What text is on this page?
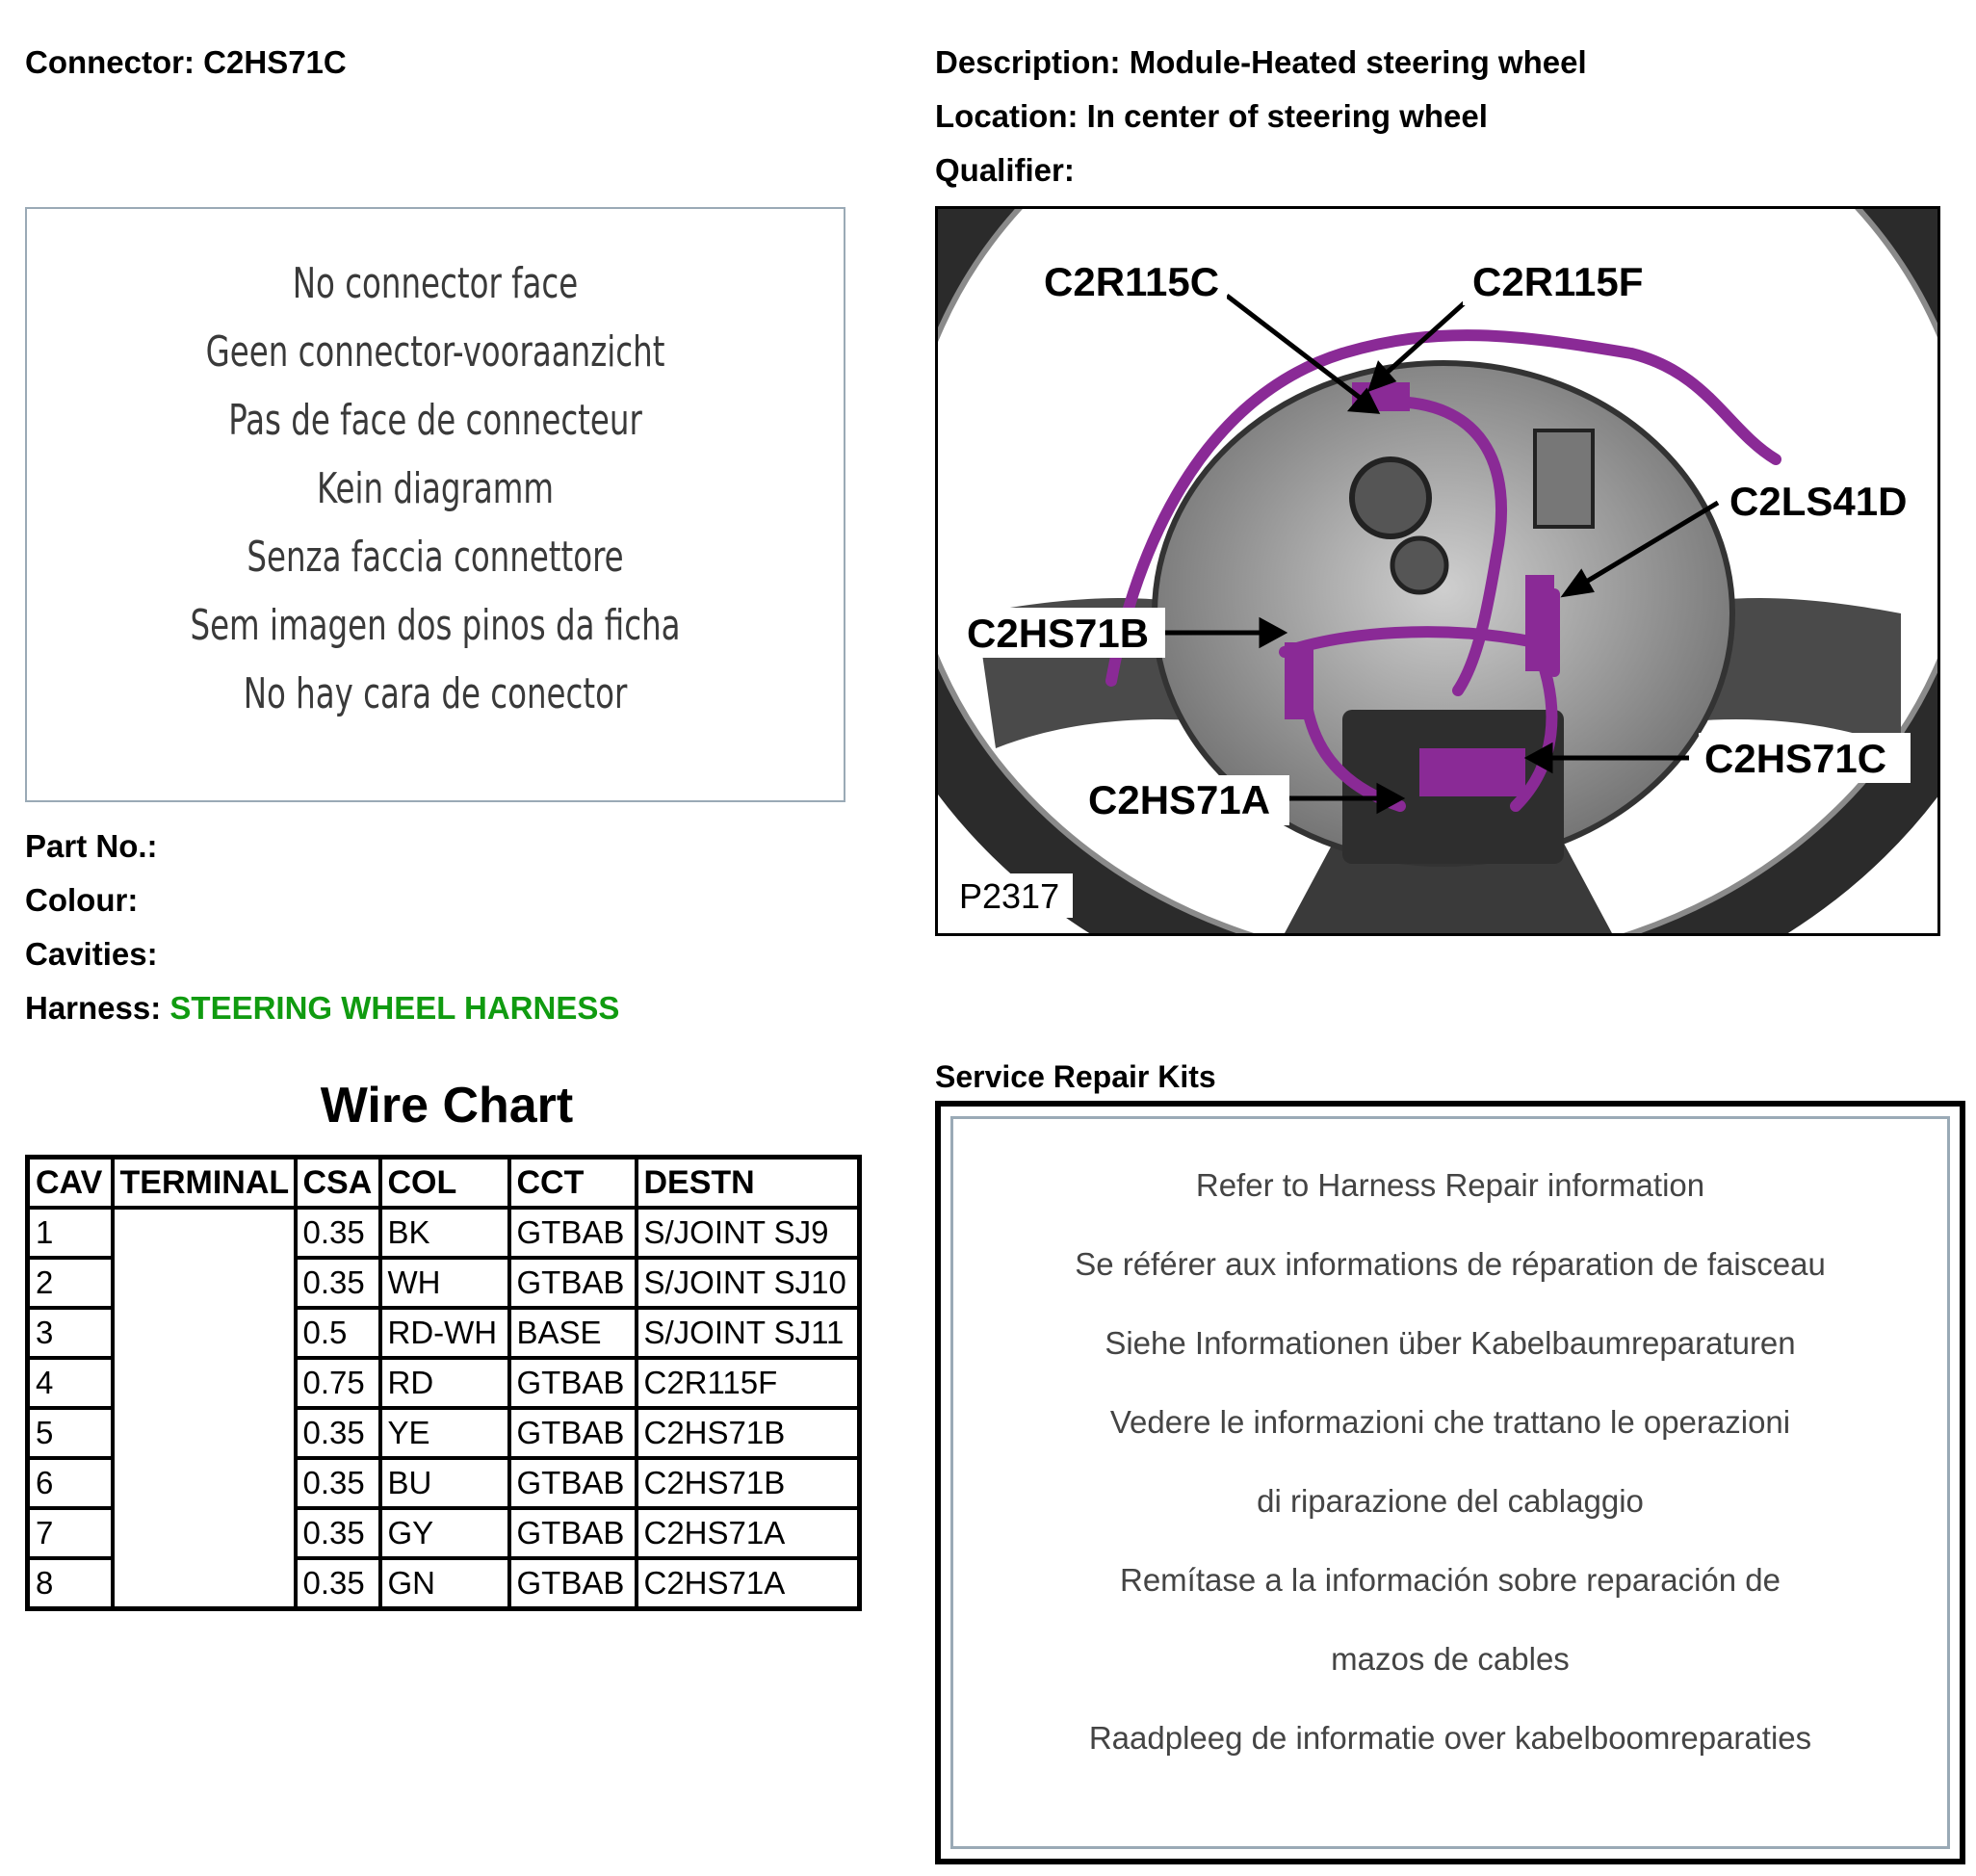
Connector: C2HS71C	Description: Module-Heated steering wheel
Location: In center of steering wheel
Qualifier:
No connector face
Geen connector-vooraanzicht
Pas de face de connecteur
Kein diagramm
Senza faccia connettore
Sem imagen dos pinos da ficha
No hay cara de conector
Part No.:
Colour:
Cavities:
Harness: STEERING WHEEL HARNESS
Wire Chart
CAV	TERMINAL	CSA	COL	CCT	DESTN
1		0.35	BK	GTBAB	S/JOINT SJ9
2		0.35	WH	GTBAB	S/JOINT SJ10
3		0.5	RD-WH	BASE	S/JOINT SJ11
4		0.75	RD	GTBAB	C2R115F
5		0.35	YE	GTBAB	C2HS71B
6		0.35	BU	GTBAB	C2HS71B
7		0.35	GY	GTBAB	C2HS71A
8		0.35	GN	GTBAB	C2HS71A
C2R115C	C2R115F
C2LS41D
C2HS71B
C2HS71C
C2HS71A
P2317
Service Repair Kits
Refer to Harness Repair information
Se référer aux informations de réparation de faisceau
Siehe Informationen über Kabelbaumreparaturen
Vedere le informazioni che trattano le operazioni
di riparazione del cablaggio
Remítase a la información sobre reparación de
mazos de cables
Raadpleeg de informatie over kabelboomreparaties
